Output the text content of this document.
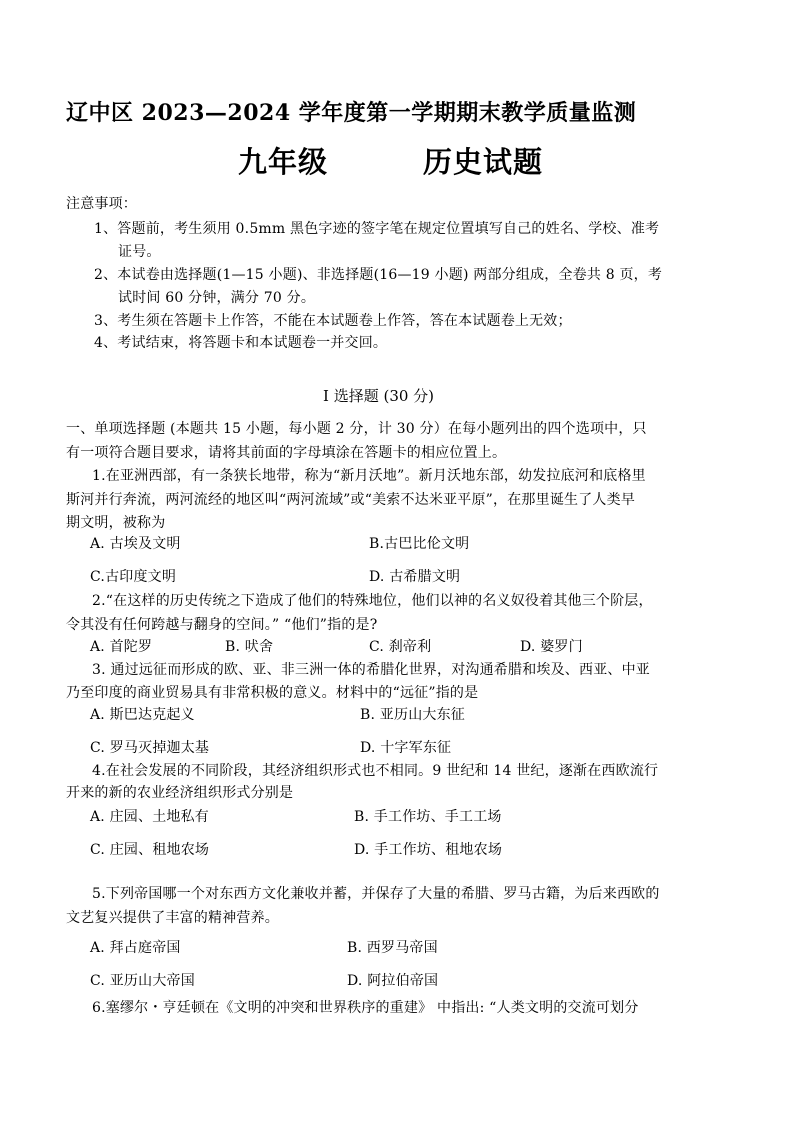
辽中区 2023—2024 学年度第一学期期末教学质量监测
九年级	历史试题
注意事项：
1、答题前，考生须用 0.5mm 黑色字迹的签字笔在规定位置填写自己的姓名、学校、准考
证号。
2、本试卷由选择题(1—15 小题)、非选择题(16—19 小题) 两部分组成，全卷共 8 页，考
试时间 60 分钟，满分 70 分。
3、考生须在答题卡上作答，不能在本试题卷上作答，答在本试题卷上无效；
4、考试结束，将答题卡和本试题卷一并交回。
Ⅰ 选择题 (30 分)
一、单项选择题 (本题共 15 小题，每小题 2 分，计 30 分）在每小题列出的四个选项中，只
有一项符合题目要求，请将其前面的字母填涂在答题卡的相应位置上。
1.在亚洲西部，有一条狭长地带，称为“新月沃地”。新月沃地东部，幼发拉底河和底格里
斯河并行奔流，两河流经的地区叫“两河流域”或“美索不达米亚平原”，在那里诞生了人类早
期文明，被称为
A. 古埃及文明	B.古巴比伦文明
C.古印度文明	D. 古希腊文明
2.“在这样的历史传统之下造成了他们的特殊地位，他们以神的名义奴役着其他三个阶层，
令其没有任何跨越与翻身的空间。” “他们”指的是?
A. 首陀罗	B. 吠舍	C. 刹帝利	D. 婆罗门
3. 通过远征而形成的欧、亚、非三洲一体的希腊化世界，对沟通希腊和埃及、西亚、中亚
乃至印度的商业贸易具有非常积极的意义。材料中的“远征”指的是
A. 斯巴达克起义	B. 亚历山大东征
C. 罗马灭掉迦太基	D. 十字军东征
4.在社会发展的不同阶段，其经济组织形式也不相同。9 世纪和 14 世纪，逐渐在西欧流行
开来的新的农业经济组织形式分别是
A. 庄园、土地私有	B. 手工作坊、手工工场
C. 庄园、租地农场	D. 手工作坊、租地农场
5.下列帝国哪一个对东西方文化兼收并蓄，并保存了大量的希腊、罗马古籍，为后来西欧的
文艺复兴提供了丰富的精神营养。
A. 拜占庭帝国	B. 西罗马帝国
C. 亚历山大帝国	D. 阿拉伯帝国
6.塞缪尔・亨廷顿在《文明的冲突和世界秩序的重建》 中指出: “人类文明的交流可划分
